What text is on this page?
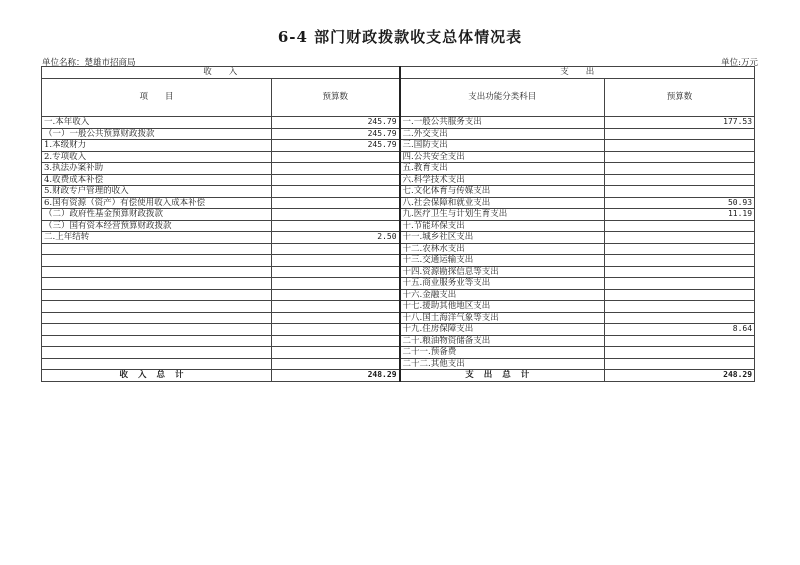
6-4 部门财政拨款收支总体情况表
单位名称：楚雄市招商局	单位:万元
收　　入		支　　出	
项　　目	预算数	支出功能分类科目	预算数
一.本年收入	245.79	一.一般公共服务支出	177.53
（一）一般公共预算财政拨款	245.79	二.外交支出	
1.本级财力	245.79	三.国防支出	
2.专项收入		四.公共安全支出	
3.执法办案补助		五.教育支出	
4.收费成本补偿		六.科学技术支出	
5.财政专户管理的收入		七.文化体育与传媒支出	
6.国有资源（资产）有偿使用收入成本补偿		八.社会保障和就业支出	50.93
（二）政府性基金预算财政拨款		九.医疗卫生与计划生育支出	11.19
（三）国有资本经营预算财政拨款		十.节能环保支出	
二.上年结转	2.50	十一.城乡社区支出	
		十二.农林水支出	
		十三.交通运输支出	
		十四.资源勘探信息等支出	
		十五.商业服务业等支出	
		十六.金融支出	
		十七.援助其他地区支出	
		十八.国土海洋气象等支出	
		十九.住房保障支出	8.64
		二十.粮油物资储备支出	
		二十一.预备费	
		二十二.其他支出	
收入总计	248.29	支出总计	248.29
